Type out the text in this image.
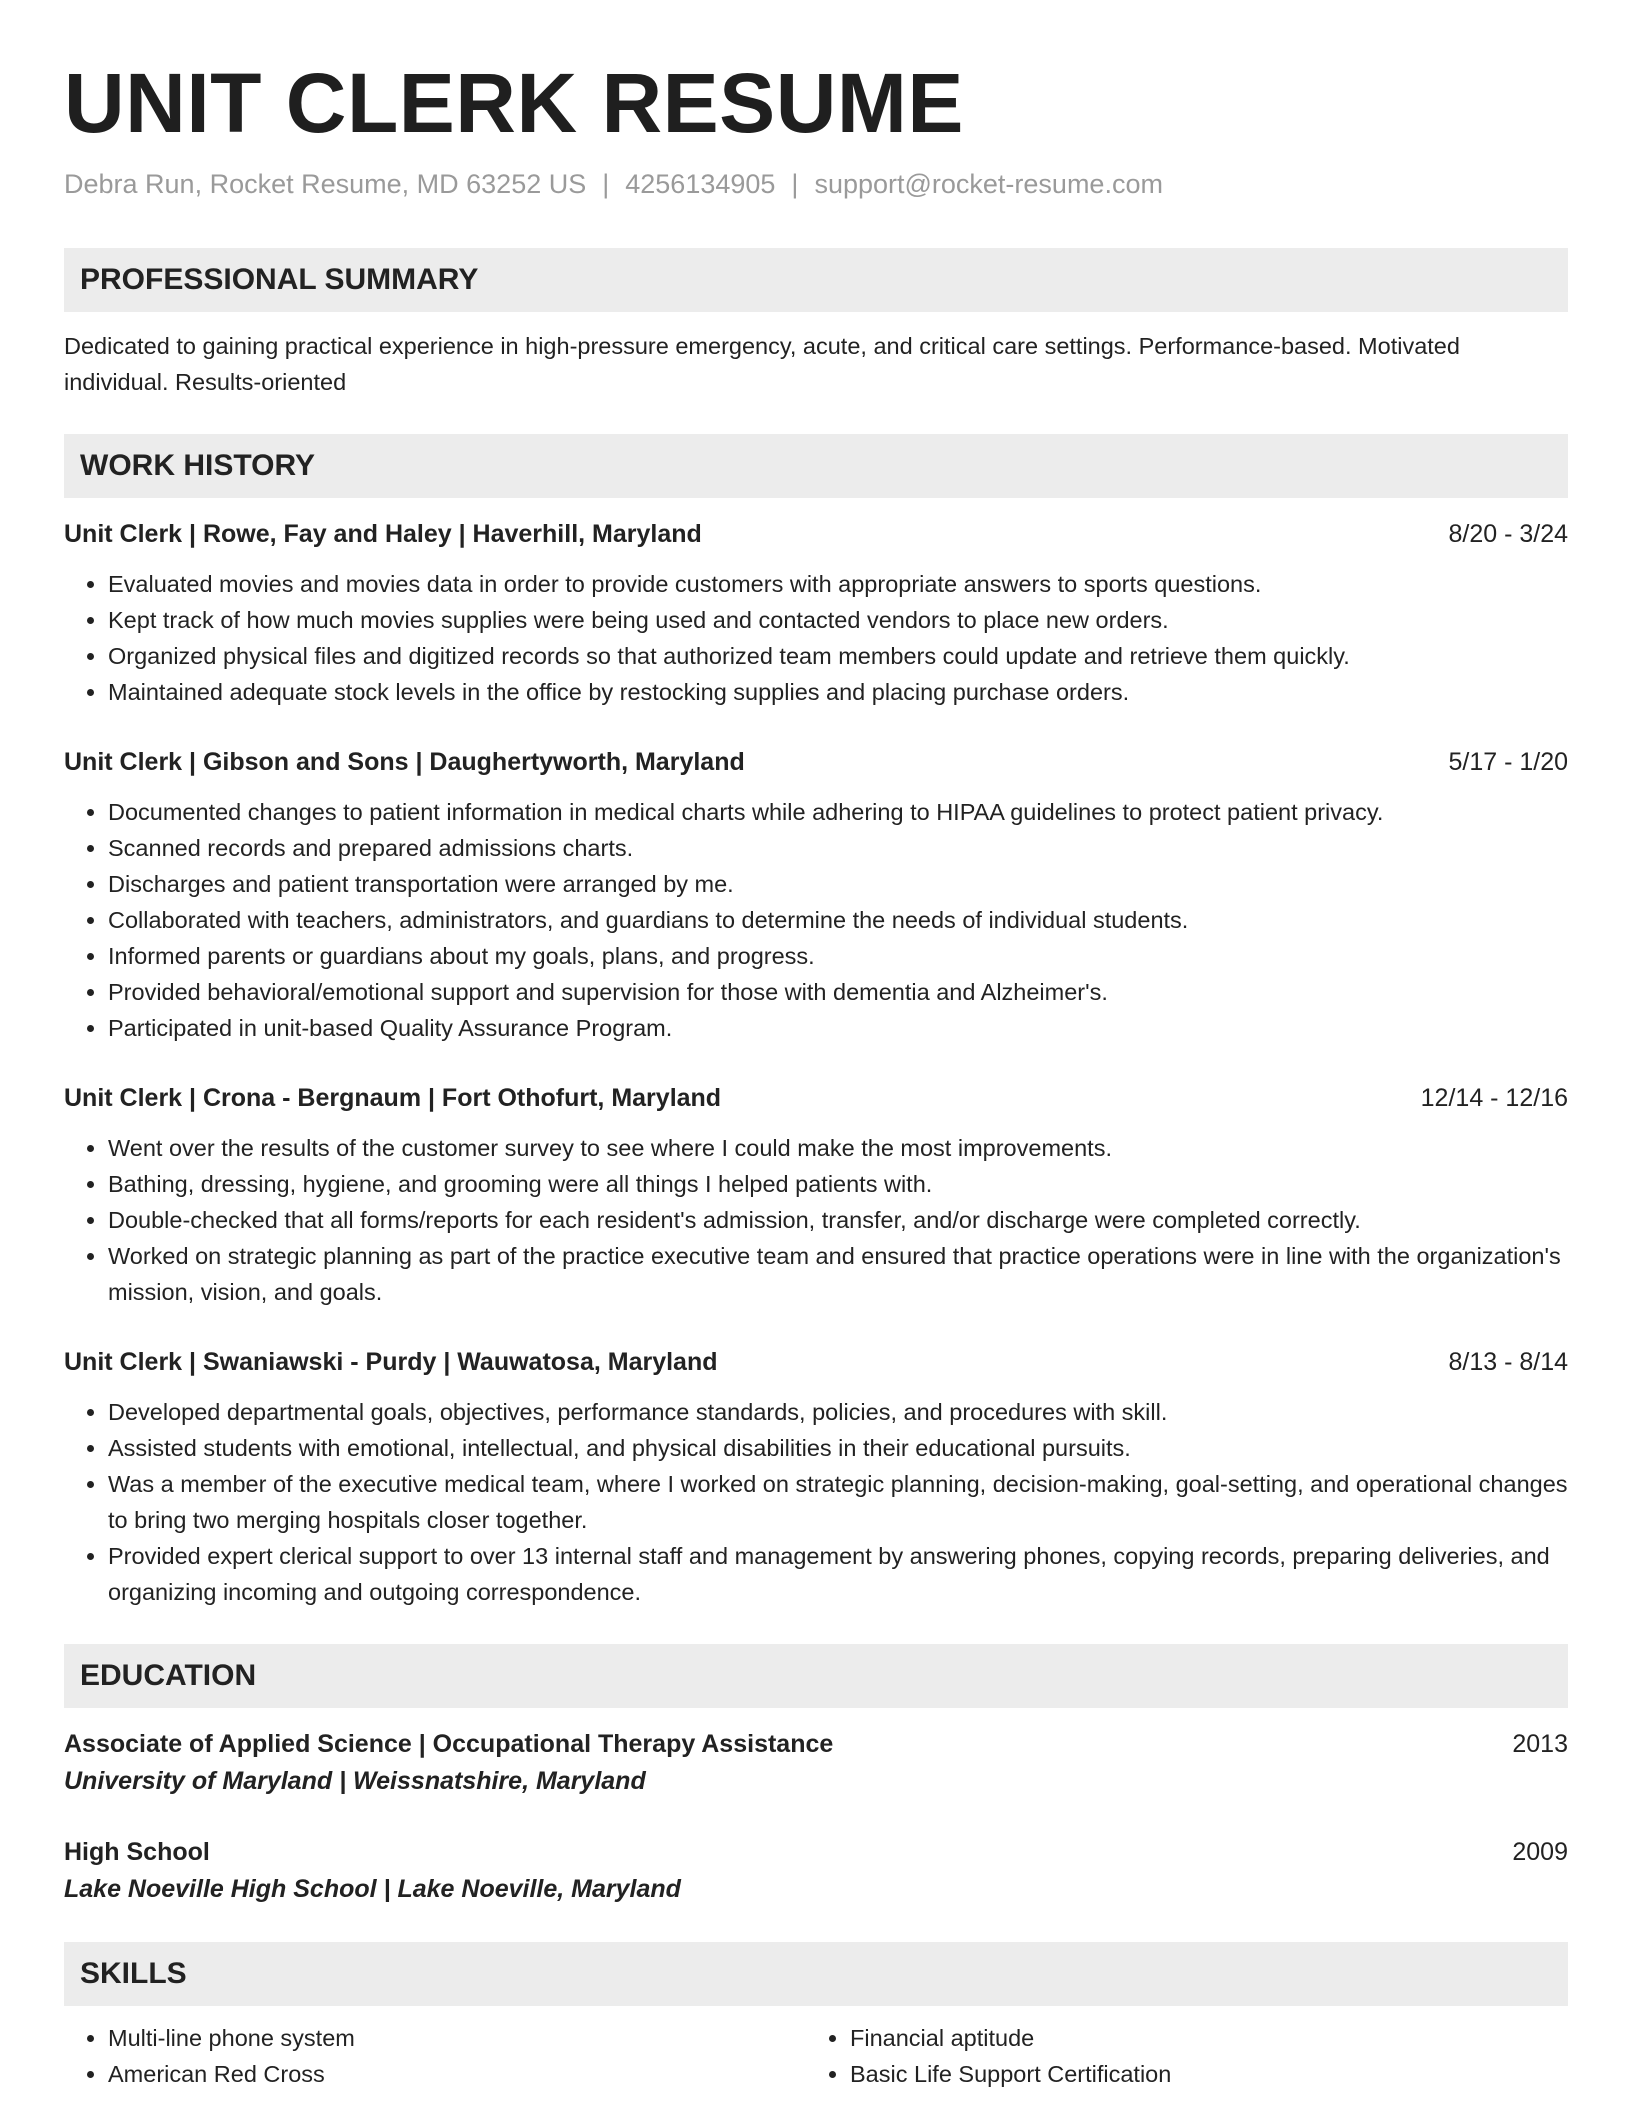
UNIT CLERK RESUME
Debra Run, Rocket Resume, MD 63252 US | 4256134905 | support@rocket-resume.com
PROFESSIONAL SUMMARY
Dedicated to gaining practical experience in high-pressure emergency, acute, and critical care settings. Performance-based. Motivated individual. Results-oriented
WORK HISTORY
Unit Clerk | Rowe, Fay and Haley | Haverhill, Maryland	8/20 - 3/24
• Evaluated movies and movies data in order to provide customers with appropriate answers to sports questions.
• Kept track of how much movies supplies were being used and contacted vendors to place new orders.
• Organized physical files and digitized records so that authorized team members could update and retrieve them quickly.
• Maintained adequate stock levels in the office by restocking supplies and placing purchase orders.
Unit Clerk | Gibson and Sons | Daughertyworth, Maryland	5/17 - 1/20
• Documented changes to patient information in medical charts while adhering to HIPAA guidelines to protect patient privacy.
• Scanned records and prepared admissions charts.
• Discharges and patient transportation were arranged by me.
• Collaborated with teachers, administrators, and guardians to determine the needs of individual students.
• Informed parents or guardians about my goals, plans, and progress.
• Provided behavioral/emotional support and supervision for those with dementia and Alzheimer's.
• Participated in unit-based Quality Assurance Program.
Unit Clerk | Crona - Bergnaum | Fort Othofurt, Maryland	12/14 - 12/16
• Went over the results of the customer survey to see where I could make the most improvements.
• Bathing, dressing, hygiene, and grooming were all things I helped patients with.
• Double-checked that all forms/reports for each resident's admission, transfer, and/or discharge were completed correctly.
• Worked on strategic planning as part of the practice executive team and ensured that practice operations were in line with the organization's mission, vision, and goals.
Unit Clerk | Swaniawski - Purdy | Wauwatosa, Maryland	8/13 - 8/14
• Developed departmental goals, objectives, performance standards, policies, and procedures with skill.
• Assisted students with emotional, intellectual, and physical disabilities in their educational pursuits.
• Was a member of the executive medical team, where I worked on strategic planning, decision-making, goal-setting, and operational changes to bring two merging hospitals closer together.
• Provided expert clerical support to over 13 internal staff and management by answering phones, copying records, preparing deliveries, and organizing incoming and outgoing correspondence.
EDUCATION
Associate of Applied Science | Occupational Therapy Assistance	2013
University of Maryland | Weissnatshire, Maryland
High School	2009
Lake Noeville High School | Lake Noeville, Maryland
SKILLS
• Multi-line phone system
• American Red Cross
• Financial aptitude
• Basic Life Support Certification
